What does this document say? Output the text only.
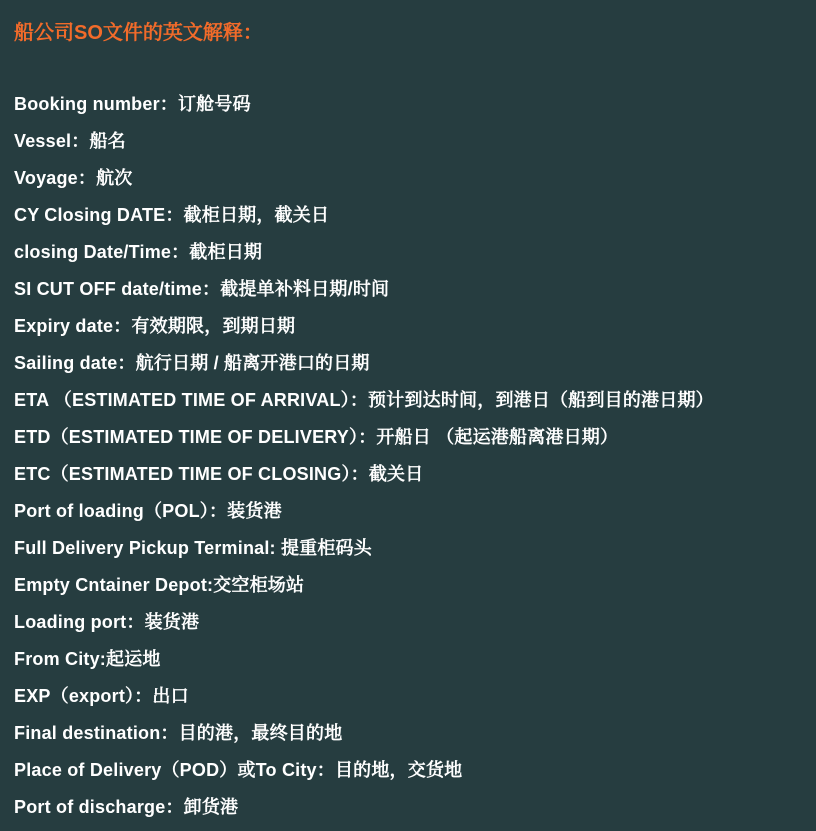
船公司SO文件的英文解释：
Booking number：订舱号码
Vessel：船名
Voyage：航次
CY Closing DATE：截柜日期，截关日
closing Date/Time：截柜日期
SI CUT OFF date/time：截提单补料日期/时间
Expiry date：有效期限，到期日期
Sailing date：航行日期 / 船离开港口的日期
ETA （ESTIMATED TIME OF ARRIVAL）：预计到达时间，到港日（船到目的港日期）
ETD（ESTIMATED TIME OF DELIVERY）：开船日 （起运港船离港日期）
ETC（ESTIMATED TIME OF CLOSING）：截关日
Port of loading（POL）：装货港
Full Delivery Pickup Terminal: 提重柜码头
Empty Cntainer Depot:交空柜场站
Loading port：装货港
From City:起运地
EXP（export）：出口
Final destination：目的港，最终目的地
Place of Delivery（POD）或To City：目的地，交货地
Port of discharge：卸货港
